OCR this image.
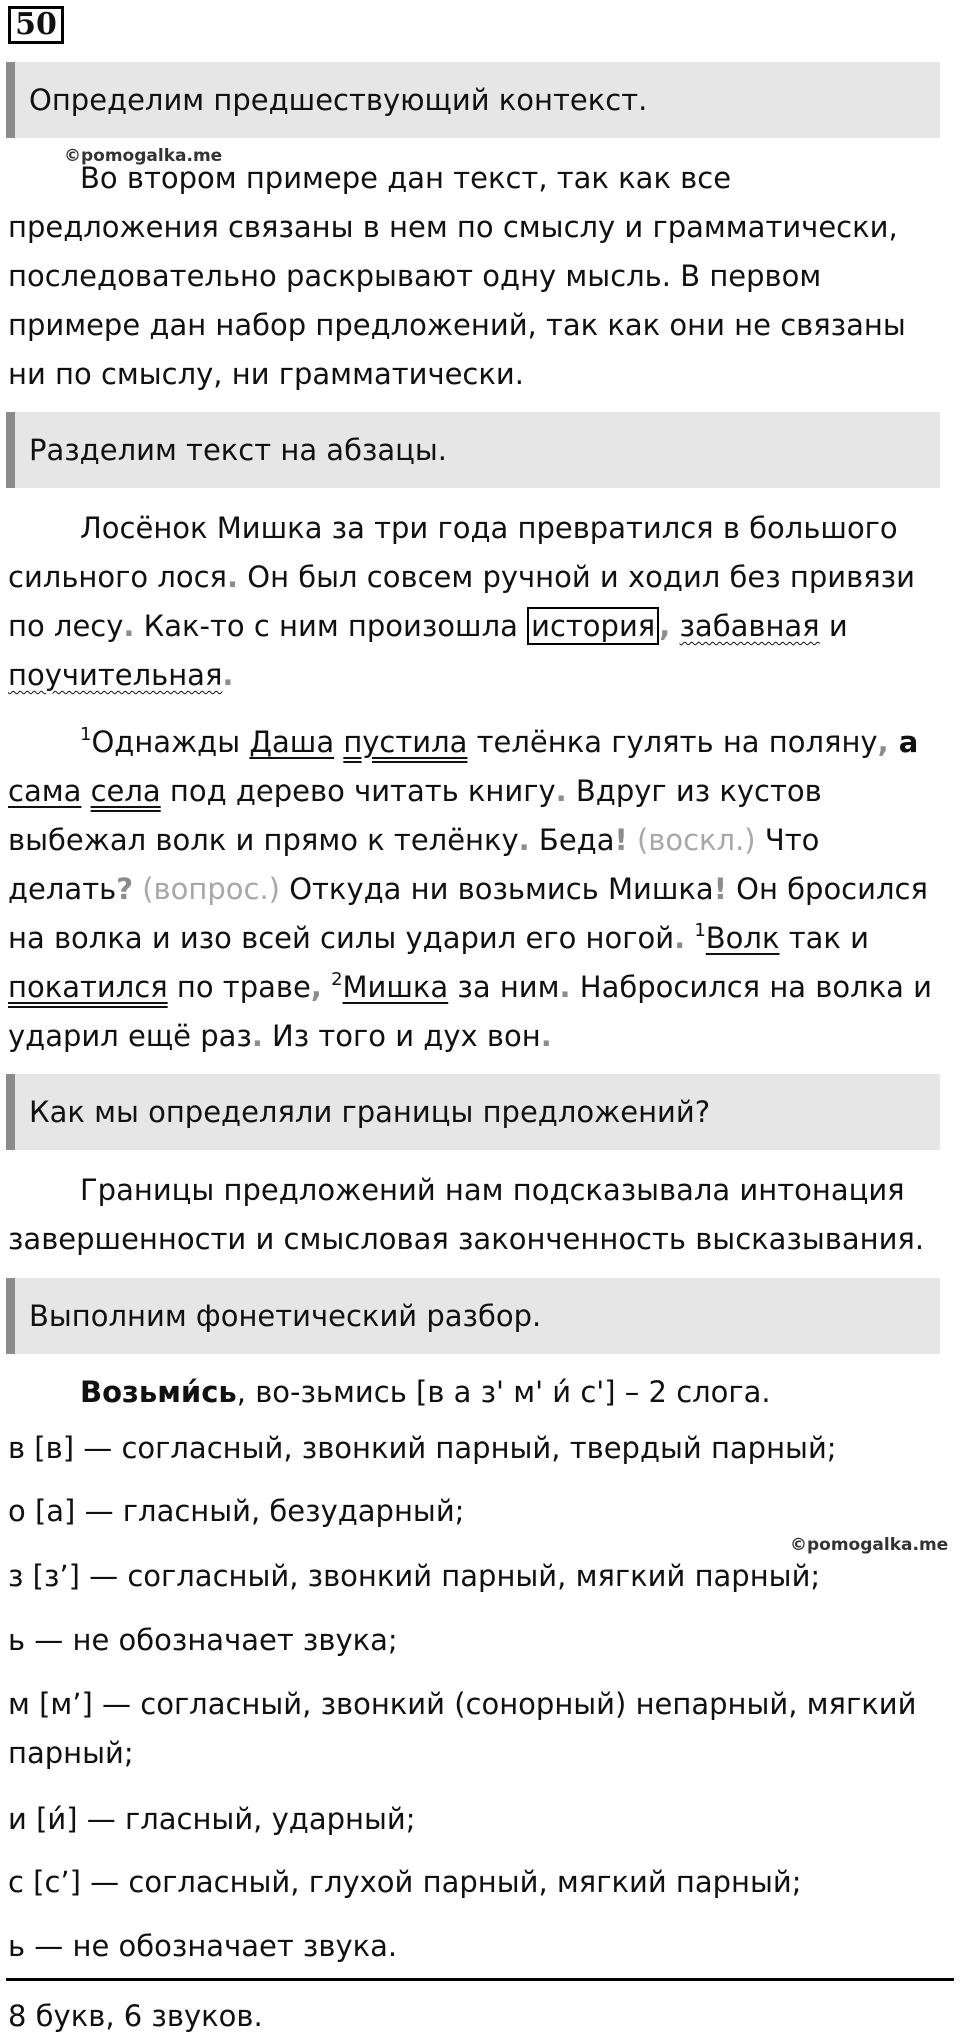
50
Определим предшествующий контекст.
©pomogalka.me
Во втором примере дан текст, так как все предложения связаны в нем по смыслу и грамматически, последовательно раскрывают одну мысль. В первом примере дан набор предложений, так как они не связаны ни по смыслу, ни грамматически.
Разделим текст на абзацы.
Лосёнок Мишка за три года превратился в большого сильного лося. Он был совсем ручной и ходил без привязи по лесу. Как-то с ним произошла история , забавная и поучительная.
$^1$Однажды Даша пустила телёнка гулять на поляну, а сама села под дерево читать книгу. Вдруг из кустов выбежал волк и прямо к телёнку. Беда! (воскл.) Что делать? (вопрос.) Откуда ни возьмись Мишка! Он бросился на волка и изо всей силы ударил его ногой. $^1$Волк так и покатился по траве, $^2$Мишка за ним. Набросился на волка и ударил ещё раз. Из того и дух вон.
Как мы определяли границы предложений?
Границы предложений нам подсказывала интонация завершенности и смысловая законченность высказывания.
Выполним фонетический разбор.
Возьми́сь, во-зьмись [в а з' м' и́ с'] – 2 слога.
в [в] — согласный, звонкий парный, твердый парный;
о [а] — гласный, безударный;
©pomogalka.me
з [з’] — согласный, звонкий парный, мягкий парный;
ь — не обозначает звука;
м [м’] — согласный, звонкий (сонорный) непарный, мягкий парный;
и [и́] — гласный, ударный;
с [с’] — согласный, глухой парный, мягкий парный;
ь — не обозначает звука.
8 букв, 6 звуков.
